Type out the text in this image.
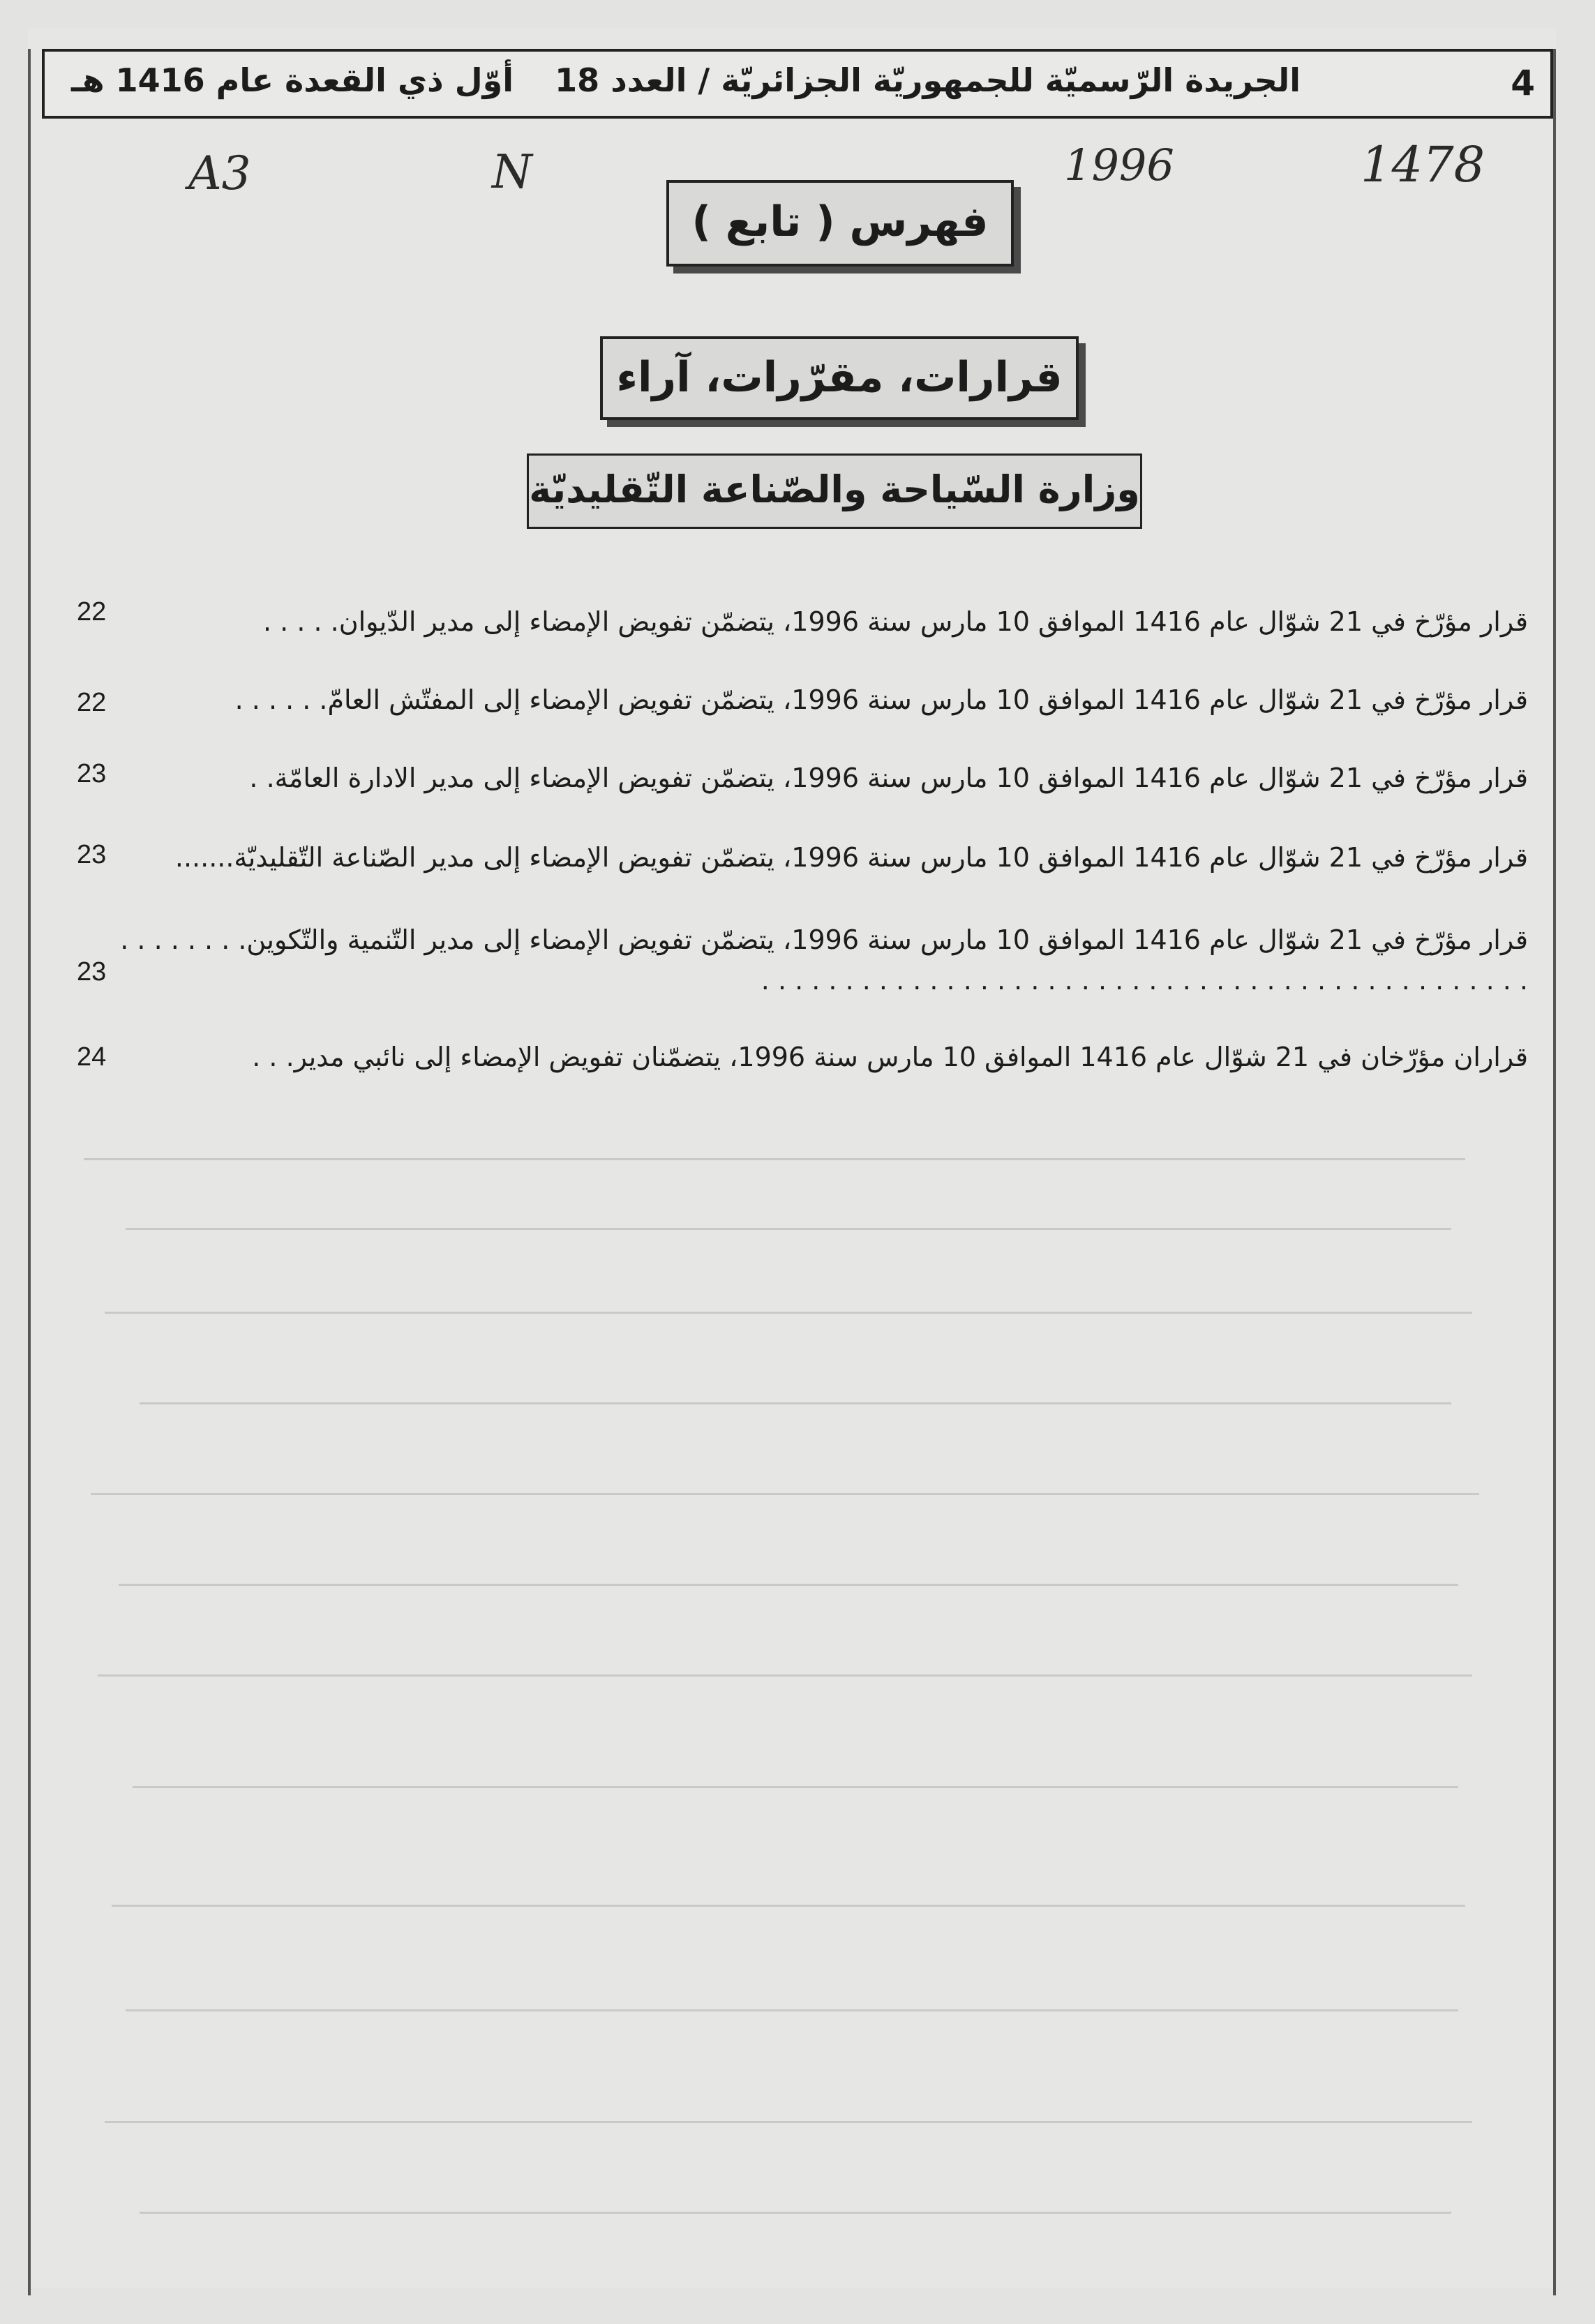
4
الجريدة الرّسميّة للجمهوريّة الجزائريّة / العدد 18
أوّل ذي القعدة عام 1416 هـ
A3	N	1996	1478
فهرس ( تابع )
قرارات، مقرّرات، آراء
وزارة السّياحة والصّناعة التّقليديّة
قرار مؤرّخ في 21 شوّال عام 1416 الموافق 10 مارس سنة 1996، يتضمّن تفويض الإمضاء إلى مدير الدّيوان. . . . .
22
قرار مؤرّخ في 21 شوّال عام 1416 الموافق 10 مارس سنة 1996، يتضمّن تفويض الإمضاء إلى المفتّش العامّ. . . . . .
22
قرار مؤرّخ في 21 شوّال عام 1416 الموافق 10 مارس سنة 1996، يتضمّن تفويض الإمضاء إلى مدير الادارة العامّة. .
23
قرار مؤرّخ في 21 شوّال عام 1416 الموافق 10 مارس سنة 1996، يتضمّن تفويض الإمضاء إلى مدير الصّناعة التّقليديّة.......
23
قرار مؤرّخ في 21 شوّال عام 1416 الموافق 10 مارس سنة 1996، يتضمّن تفويض الإمضاء إلى مدير التّنمية والتّكوين. . . . . . . . . . . . . . . . . . . . . . . . . . . . . . . . . . . . . . . . . . . . . . . . . . . . . .
23
قراران مؤرّخان في 21 شوّال عام 1416 الموافق 10 مارس سنة 1996، يتضمّنان تفويض الإمضاء إلى نائبي مدير. . .
24
